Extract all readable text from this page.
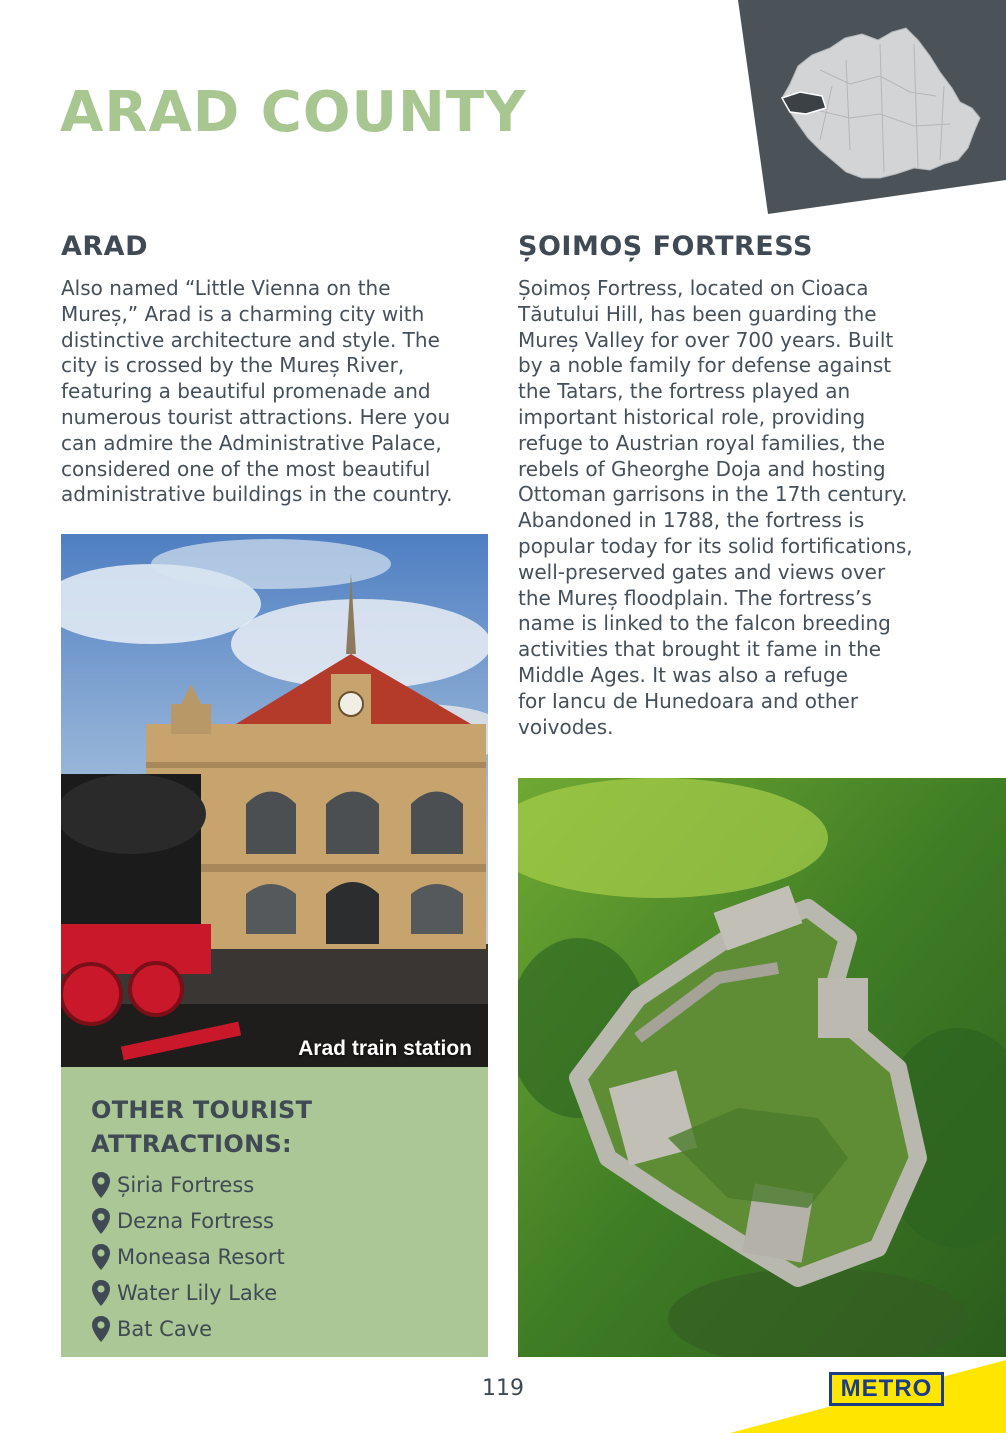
ARAD COUNTY
ARAD

Also named “Little Vienna on the
Mureș,” Arad is a charming city with
distinctive architecture and style. The
city is crossed by the Mureș River,
featuring a beautiful promenade and
numerous tourist attractions. Here you
can admire the Administrative Palace,
considered one of the most beautiful
administrative buildings in the country.

Arad train station
OTHER TOURIST
ATTRACTIONS:
Șiria Fortress
Dezna Fortress
Moneasa Resort
Water Lily Lake
Bat Cave
ȘOIMOȘ FORTRESS

Șoimoș Fortress, located on Cioaca
Tăutului Hill, has been guarding the
Mureș Valley for over 700 years. Built
by a noble family for defense against
the Tatars, the fortress played an
important historical role, providing
refuge to Austrian royal families, the
rebels of Gheorghe Doja and hosting
Ottoman garrisons in the 17th century.
Abandoned in 1788, the fortress is
popular today for its solid fortifications,
well-preserved gates and views over
the Mureș floodplain. The fortress’s
name is linked to the falcon breeding
activities that brought it fame in the
Middle Ages. It was also a refuge
for Iancu de Hunedoara and other
voivodes.

119	METRO
